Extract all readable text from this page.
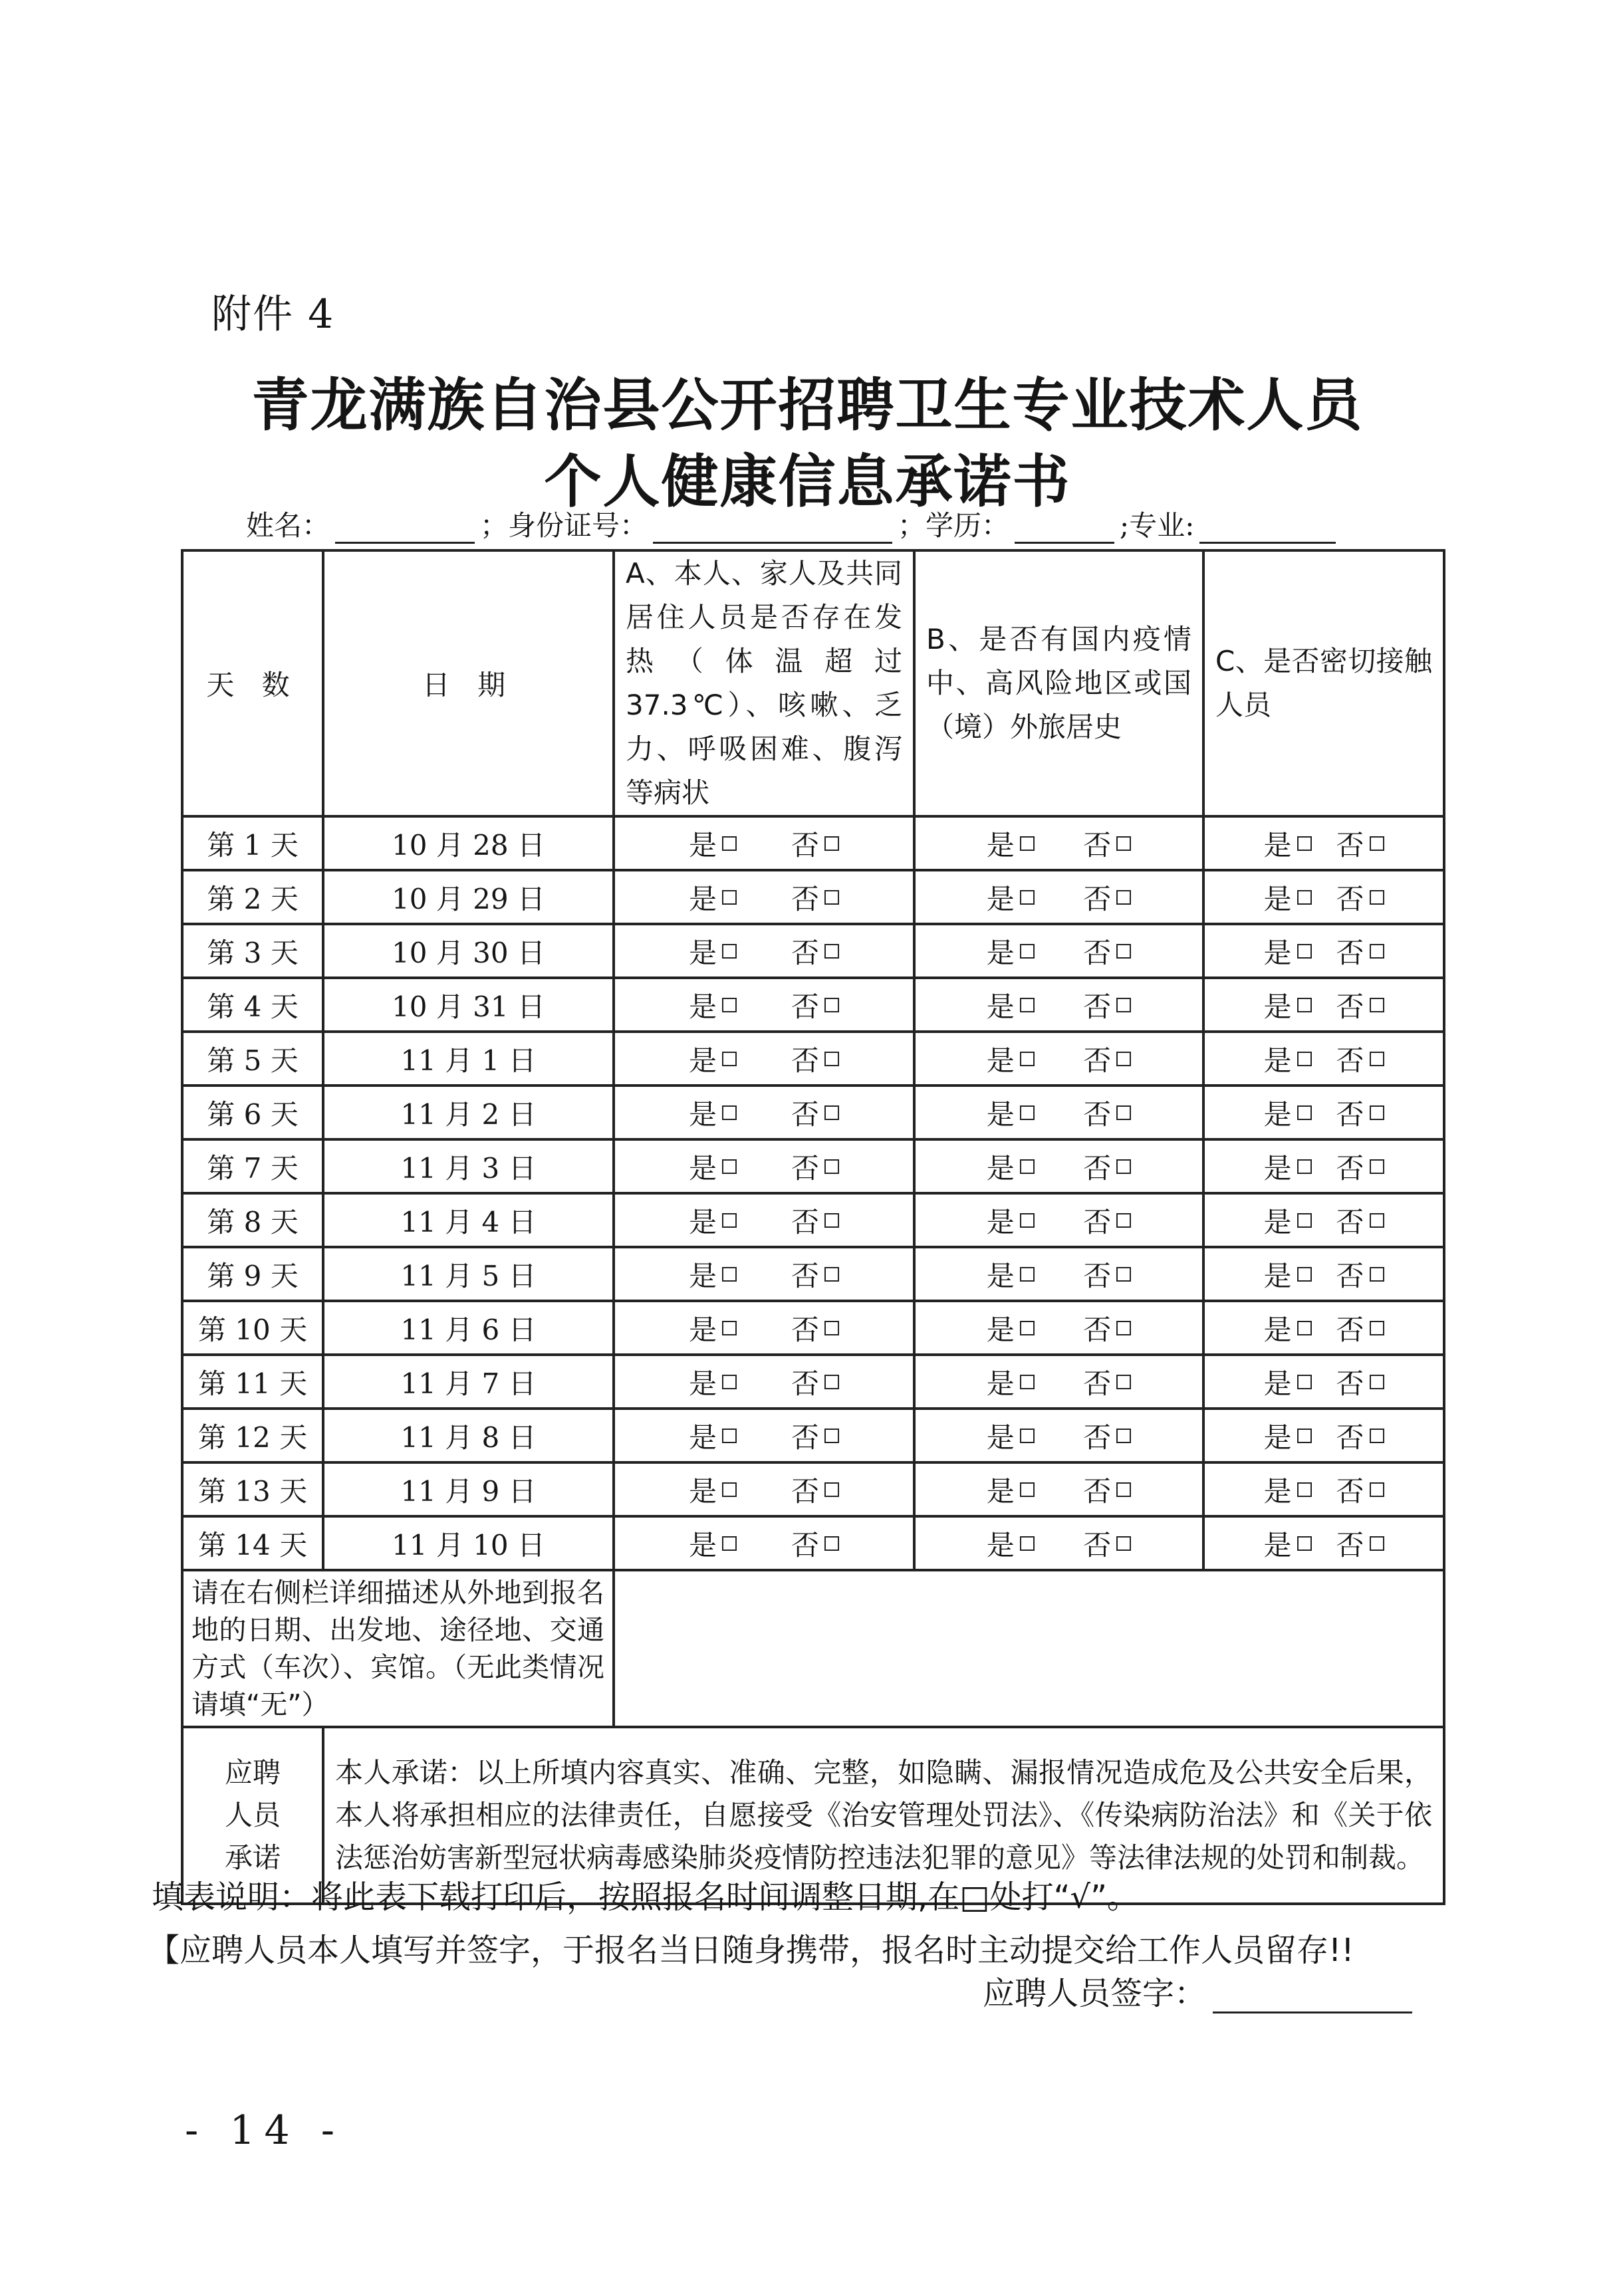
附件 4
青龙满族自治县公开招聘卫生专业技术人员
个人健康信息承诺书
姓名：	；身份证号：	；学历：	;专业:
天 数	日 期	A、本人、家人及共同居住人员是否存在发热（体温超过37.3℃）、咳嗽、乏力、呼吸困难、腹泻等病状	B、是否有国内疫情中、高风险地区或国（境）外旅居史	C、是否密切接触人员
第 1 天	10 月 28 日	是 否	是 否	是 否

第 2 天	10 月 29 日	是 否	是 否	是 否

第 3 天	10 月 30 日	是 否	是 否	是 否

第 4 天	10 月 31 日	是 否	是 否	是 否

第 5 天	11 月 1 日	是 否	是 否	是 否

第 6 天	11 月 2 日	是 否	是 否	是 否

第 7 天	11 月 3 日	是 否	是 否	是 否

第 8 天	11 月 4 日	是 否	是 否	是 否

第 9 天	11 月 5 日	是 否	是 否	是 否

第 10 天	11 月 6 日	是 否	是 否	是 否

第 11 天	11 月 7 日	是 否	是 否	是 否

第 12 天	11 月 8 日	是 否	是 否	是 否

第 13 天	11 月 9 日	是 否	是 否	是 否

第 14 天	11 月 10 日	是 否	是 否	是 否

请在右侧栏详细描述从外地到报名地的日期、出发地、途径地、交通方式（车次）、宾馆。（无此类情况请填“无”）				

应聘人员承诺	本人承诺：以上所填内容真实、准确、完整，如隐瞒、漏报情况造成危及公共安全后果，本人将承担相应的法律责任，自愿接受《治安管理处罚法》、《传染病防治法》和《关于依法惩治妨害新型冠状病毒感染肺炎疫情防控违法犯罪的意见》等法律法规的处罚和制裁。			
填表说明：将此表下载打印后，按照报名时间调整日期,在□处打“√”。
【应聘人员本人填写并签字，于报名当日随身携带，报名时主动提交给工作人员留存!!
应聘人员签字：
- 14 -
